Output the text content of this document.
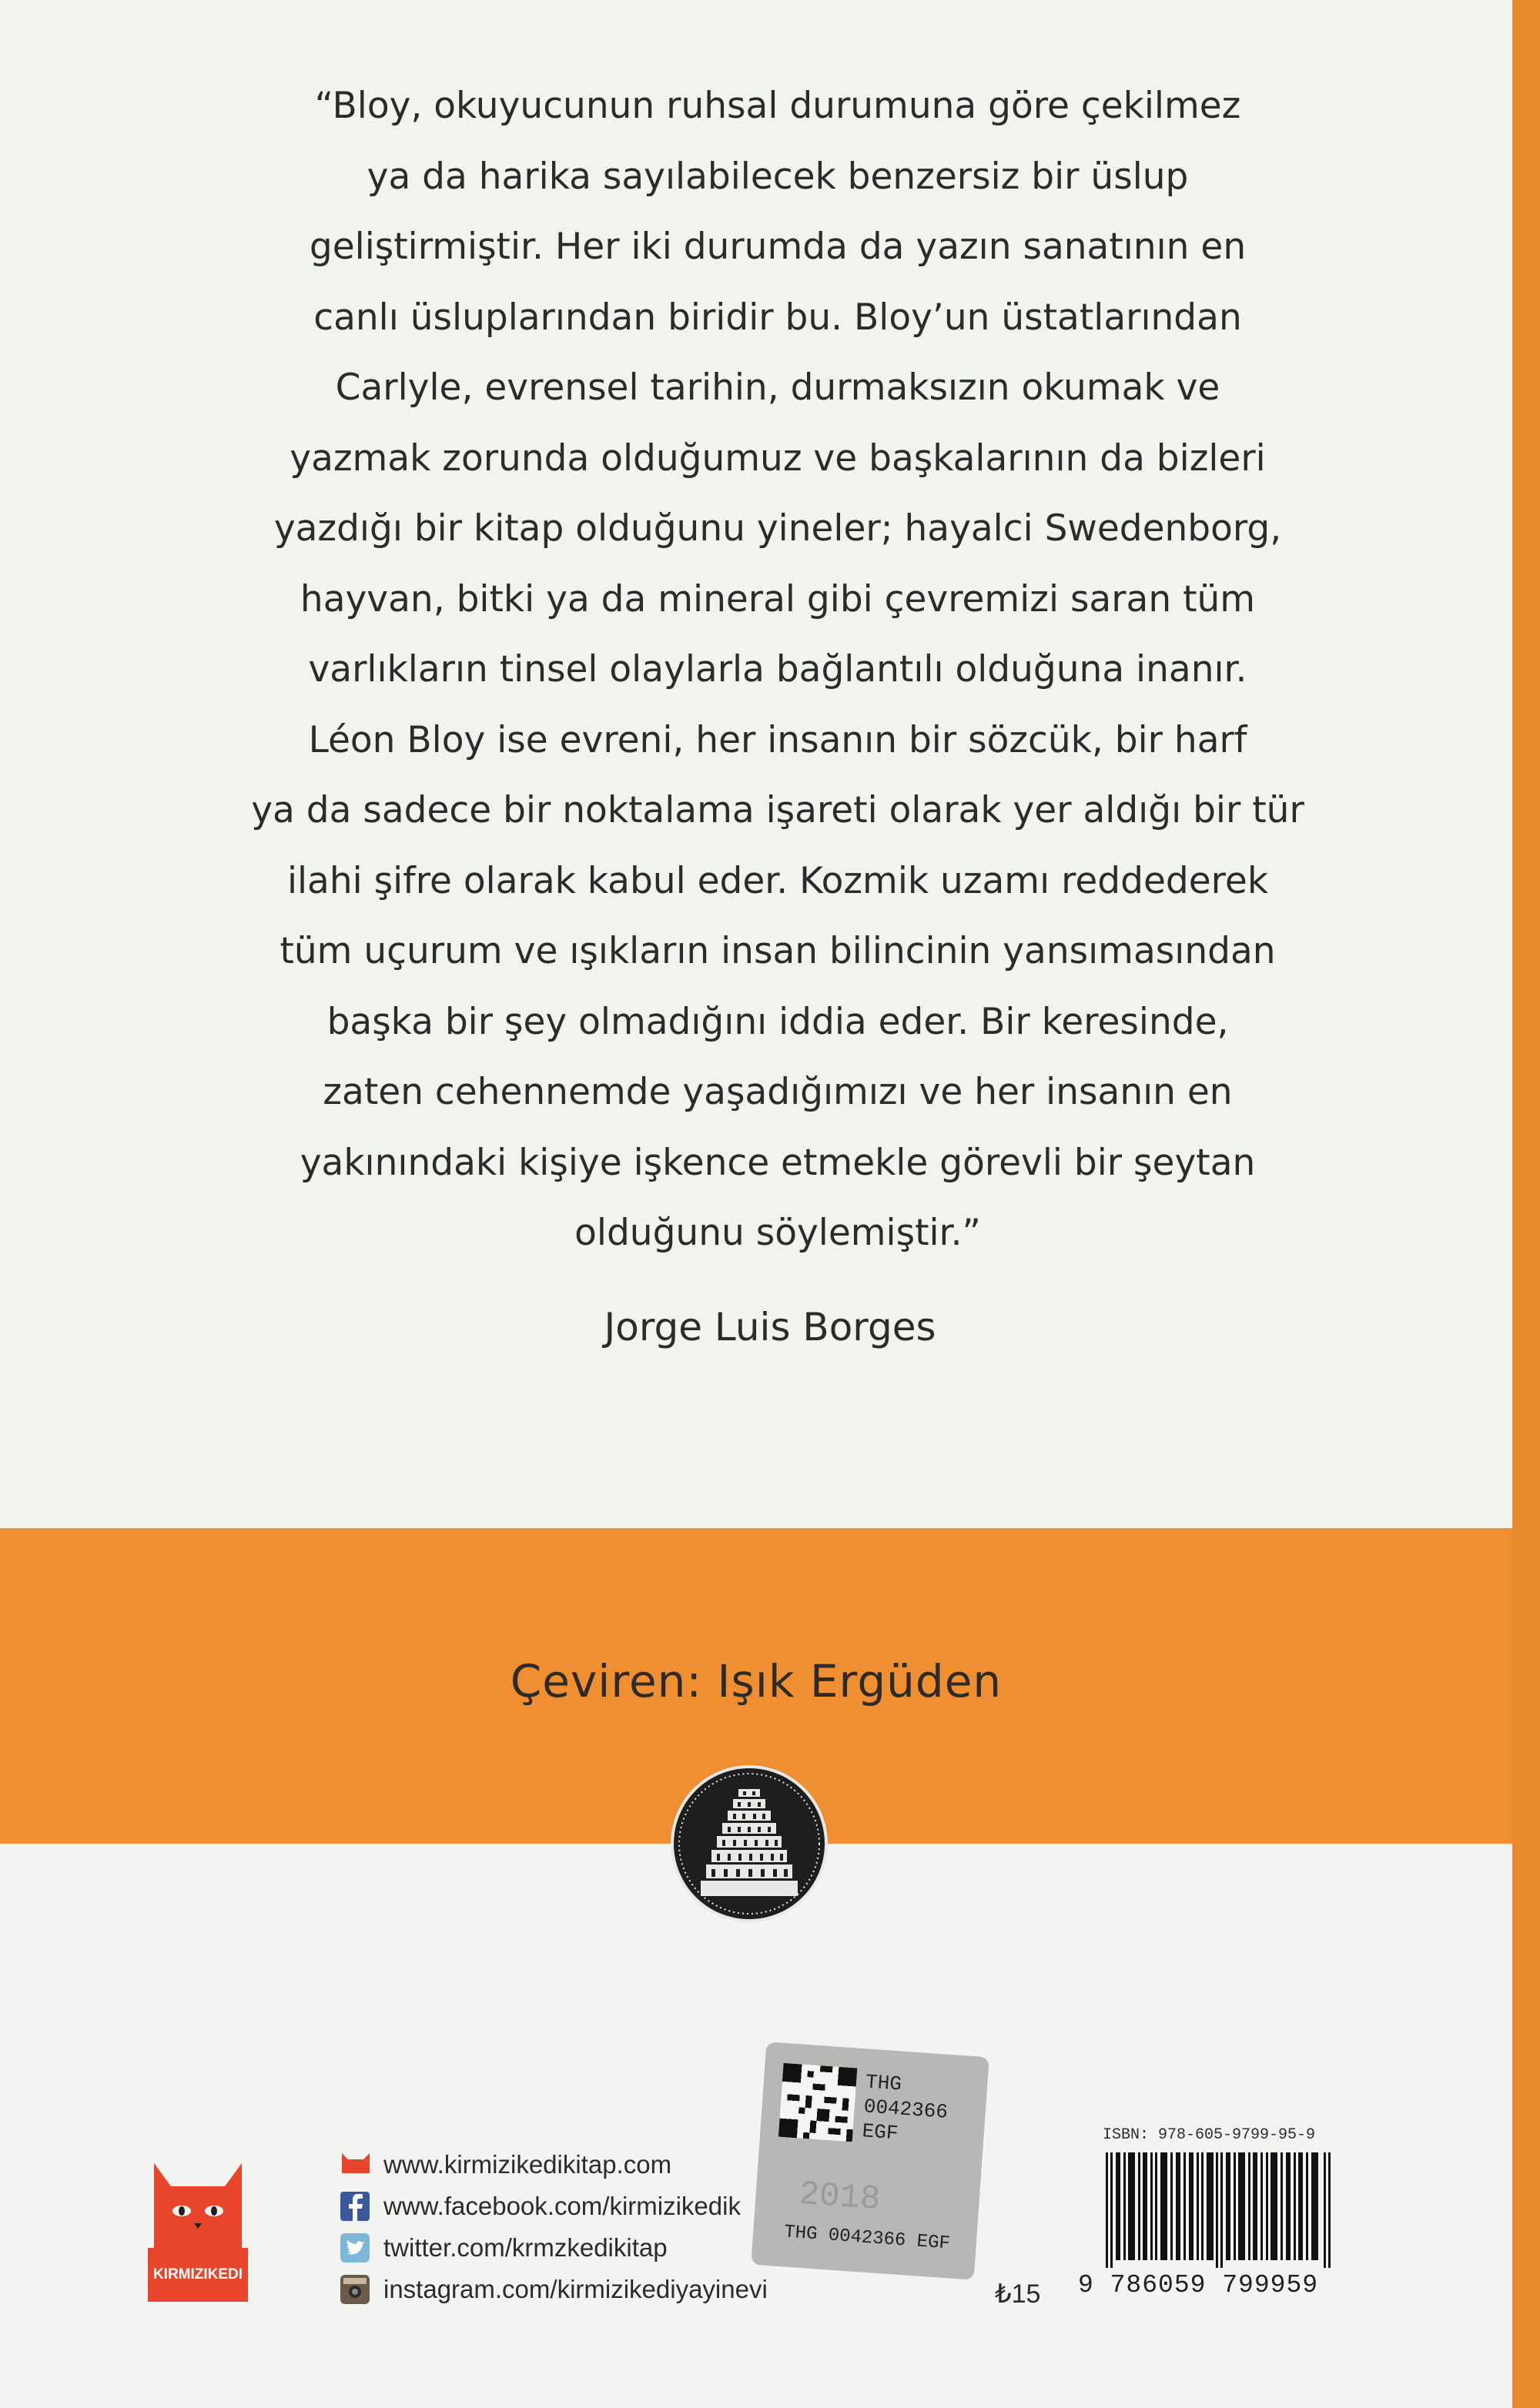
“Bloy, okuyucunun ruhsal durumuna göre çekilmez
ya da harika sayılabilecek benzersiz bir üslup
geliştirmiştir. Her iki durumda da yazın sanatının en
canlı üsluplarından biridir bu. Bloy’un üstatlarından
Carlyle, evrensel tarihin, durmaksızın okumak ve
yazmak zorunda olduğumuz ve başkalarının da bizleri
yazdığı bir kitap olduğunu yineler; hayalci Swedenborg,
hayvan, bitki ya da mineral gibi çevremizi saran tüm
varlıkların tinsel olaylarla bağlantılı olduğuna inanır.
Léon Bloy ise evreni, her insanın bir sözcük, bir harf
ya da sadece bir noktalama işareti olarak yer aldığı bir tür
ilahi şifre olarak kabul eder. Kozmik uzamı reddederek
tüm uçurum ve ışıkların insan bilincinin yansımasından
başka bir şey olmadığını iddia eder. Bir keresinde,
zaten cehennemde yaşadığımızı ve her insanın en
yakınındaki kişiye işkence etmekle görevli bir şeytan
olduğunu söylemiştir.”
Jorge Luis Borges
Çeviren: Işık Ergüden
KIRMIZIKEDI
www.kirmizikedikitap.com
www.facebook.com/kirmizikedik
twitter.com/krmzkedikitap
instagram.com/kirmizikediyayinevi
THG
0042366
EGF
2018
THG 0042366 EGF
₺15
ISBN: 978-605-9799-95-9
9 786059 799959
